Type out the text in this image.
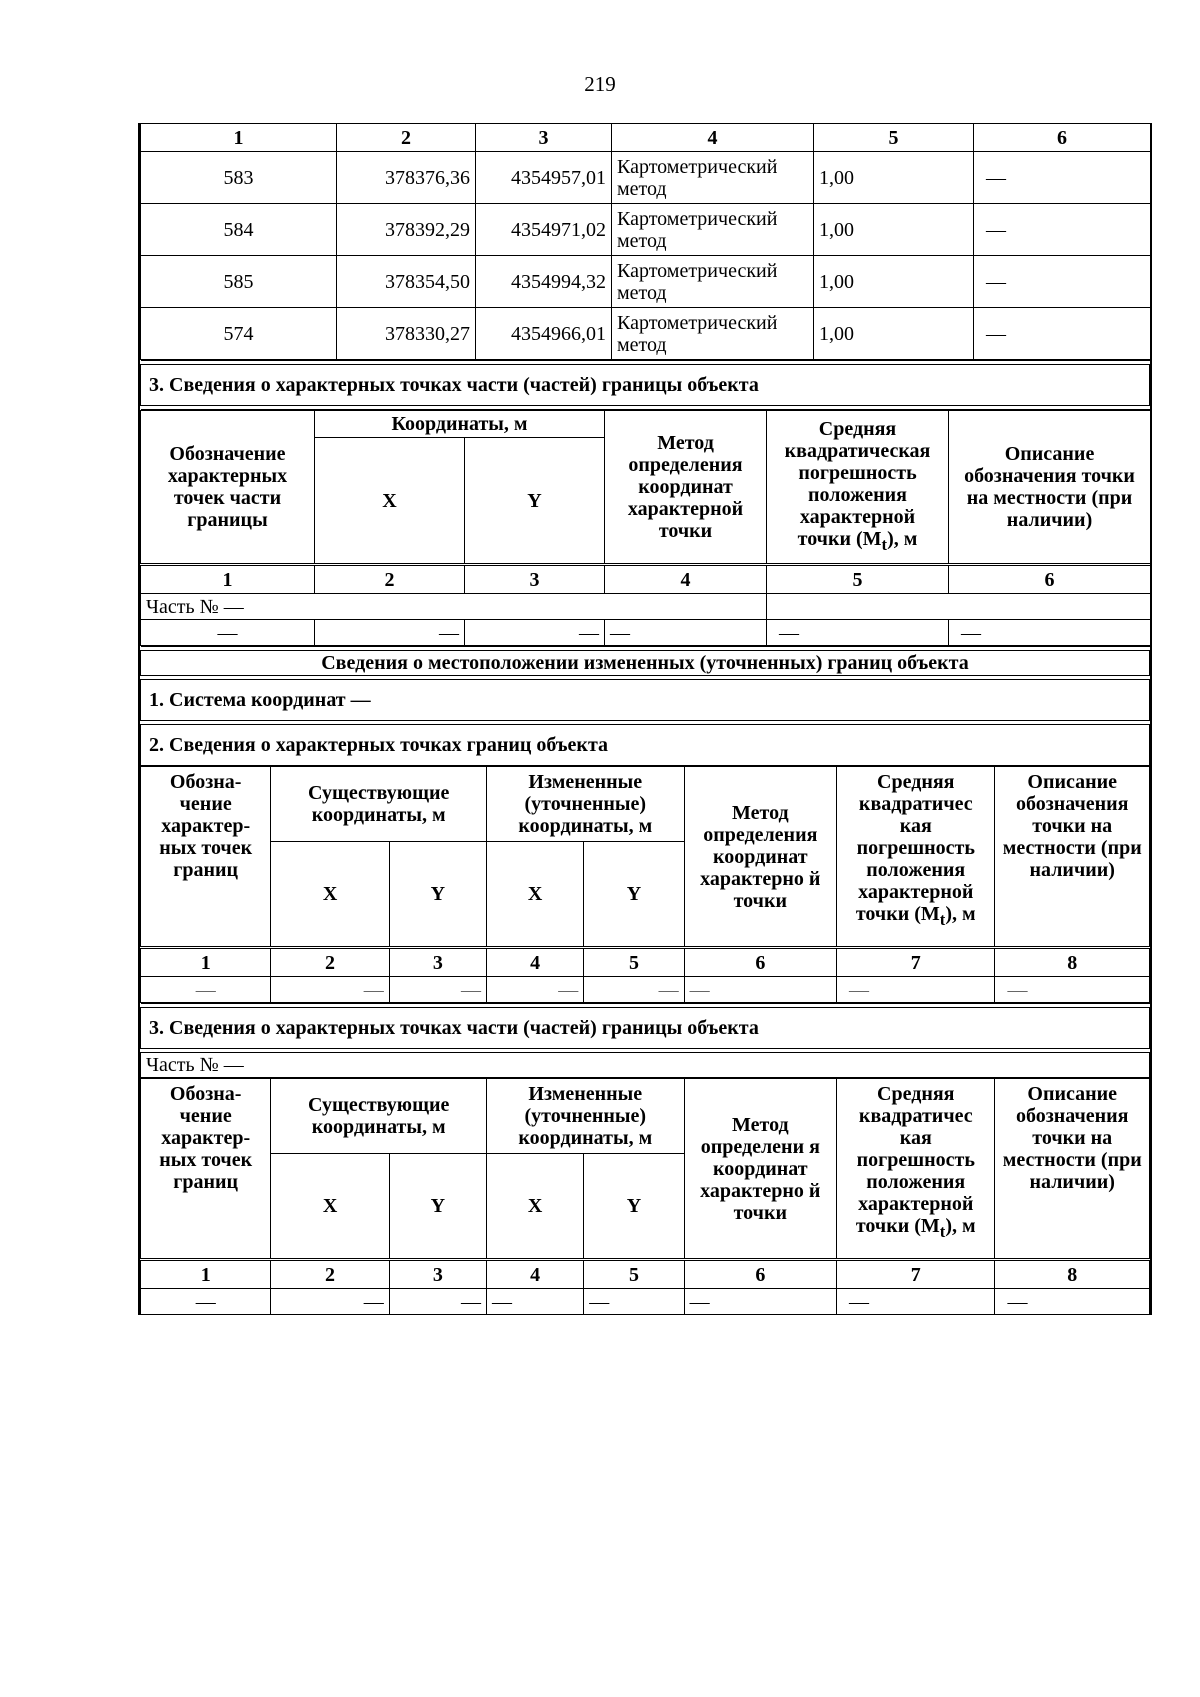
219
1	2	3	4	5	6
583	378376,36	4354957,01	Картометрический метод	1,00	—
584	378392,29	4354971,02	Картометрический метод	1,00	—
585	378354,50	4354994,32	Картометрический метод	1,00	—
574	378330,27	4354966,01	Картометрический метод	1,00	—

3. Сведения о характерных точках части (частей) границы объекта

Обозначение характерных точек части границы	Координаты, м		Метод определения координат характерной точки	Средняя квадратическая погрешность положения характерной точки $(M_t)$, м	Описание обозначения точки на местности (при наличии)
	X	Y			
1	2	3	4	5	6
Часть № —					
—	—	—	—	—	—

Сведения о местоположении измененных (уточненных) границ объекта

1. Система координат —

2. Сведения о характерных точках границ объекта
Обозна-чение характер-ных точек границ	Существующие координаты, м		Измененные (уточненные) координаты, м		Метод определения координат характерно й точки	Средняя квадратичес кая погрешность положения характерной точки $(M_t)$, м	Описание обозначения точки на местности (при наличии)
	X	Y	X	Y			
1	2	3	4	5	6	7	8
—	—	—	—	—	—	—	—

3. Сведения о характерных точках части (частей) границы объекта

Часть № —
Обозна-чение характер-ных точек границ	Существующие координаты, м		Измененные (уточненные) координаты, м		Метод определени я координат характерно й точки	Средняя квадратичес кая погрешность положения характерной точки $(M_t)$, м	Описание обозначения точки на местности (при наличии)
	X	Y	X	Y			
1	2	3	4	5	6	7	8
—	—	—	—	—	—	—	—
